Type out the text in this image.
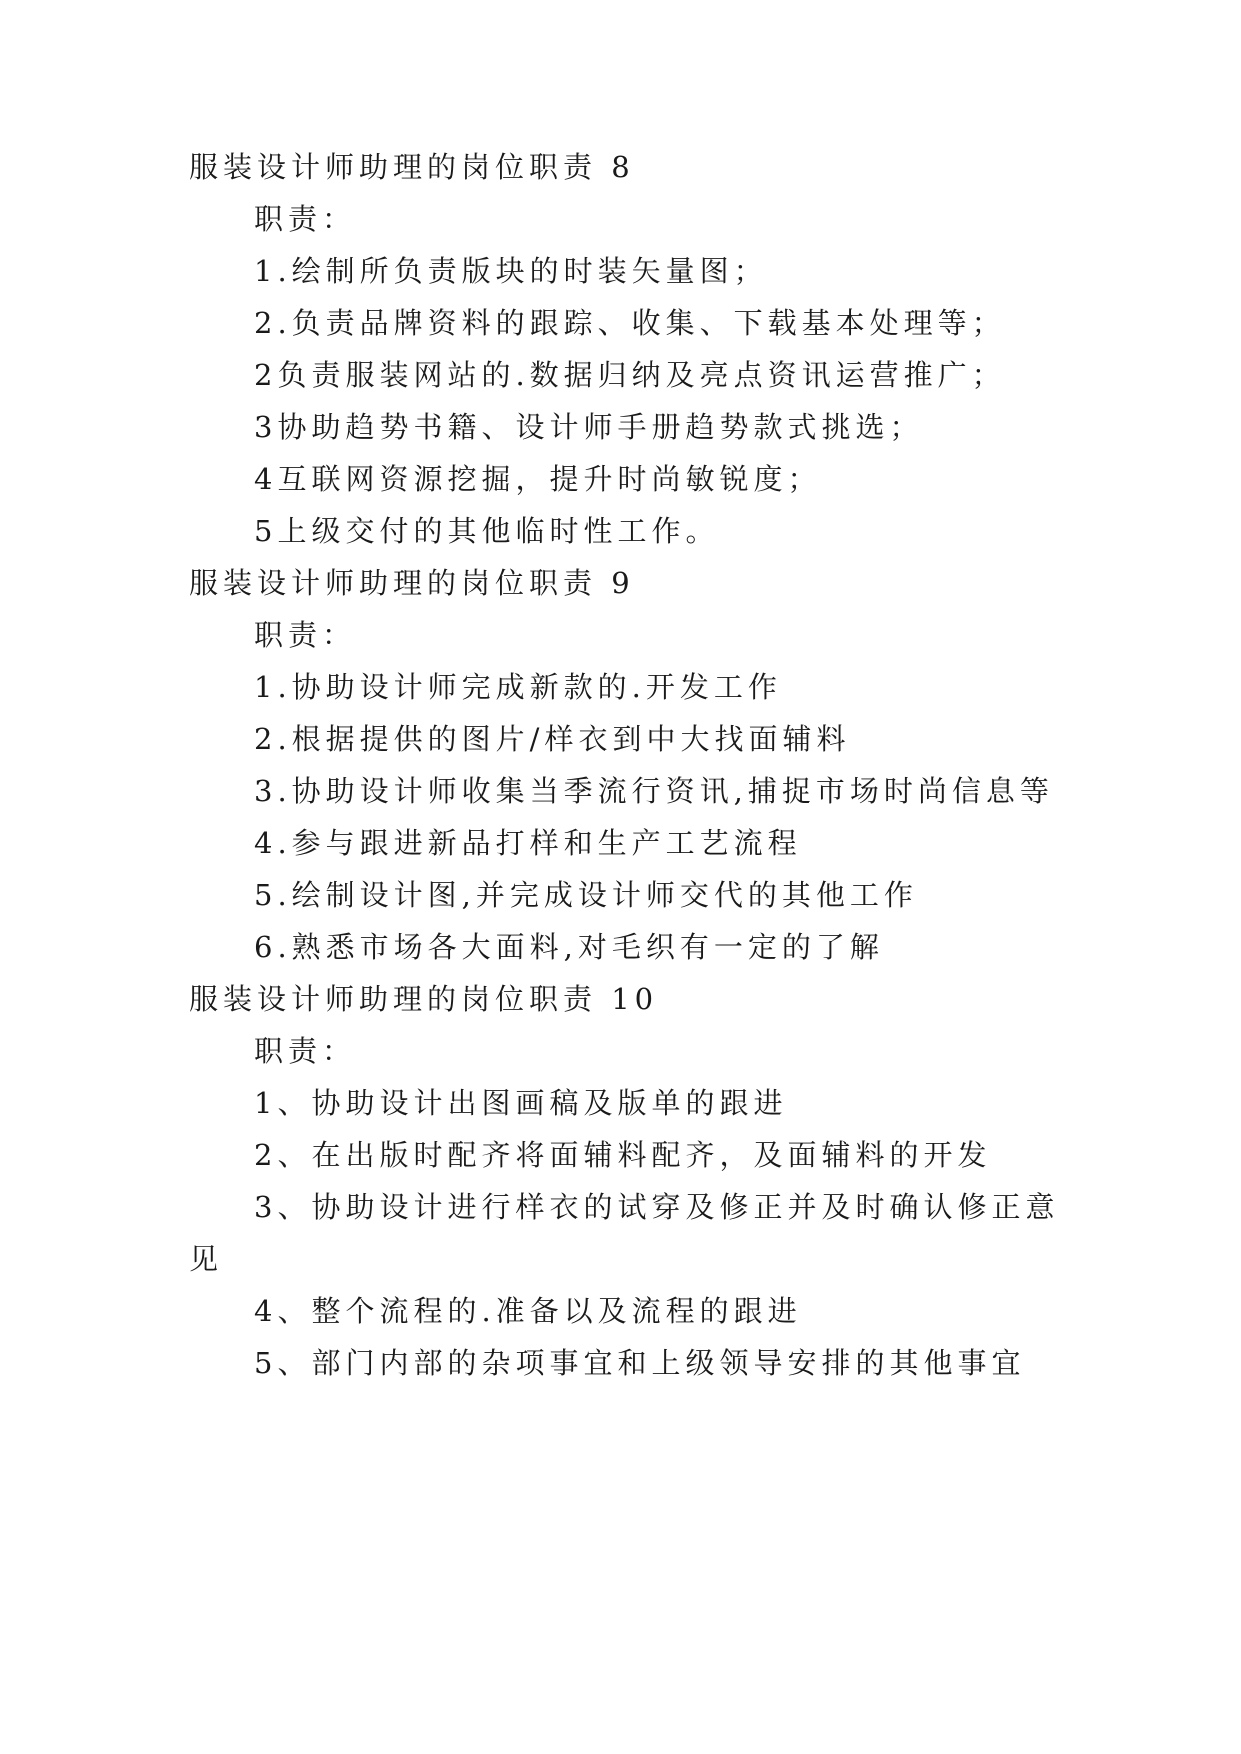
服装设计师助理的岗位职责 8
职责：
1.绘制所负责版块的时装矢量图；
2.负责品牌资料的跟踪、收集、下载基本处理等；
2负责服装网站的.数据归纳及亮点资讯运营推广；
3协助趋势书籍、设计师手册趋势款式挑选；
4互联网资源挖掘，提升时尚敏锐度；
5上级交付的其他临时性工作。
服装设计师助理的岗位职责 9
职责：
1.协助设计师完成新款的.开发工作
2.根据提供的图片/样衣到中大找面辅料
3.协助设计师收集当季流行资讯,捕捉市场时尚信息等
4.参与跟进新品打样和生产工艺流程
5.绘制设计图,并完成设计师交代的其他工作
6.熟悉市场各大面料,对毛织有一定的了解
服装设计师助理的岗位职责 10
职责：
1、协助设计出图画稿及版单的跟进
2、在出版时配齐将面辅料配齐，及面辅料的开发
3、协助设计进行样衣的试穿及修正并及时确认修正意
见
4、整个流程的.准备以及流程的跟进
5、部门内部的杂项事宜和上级领导安排的其他事宜
